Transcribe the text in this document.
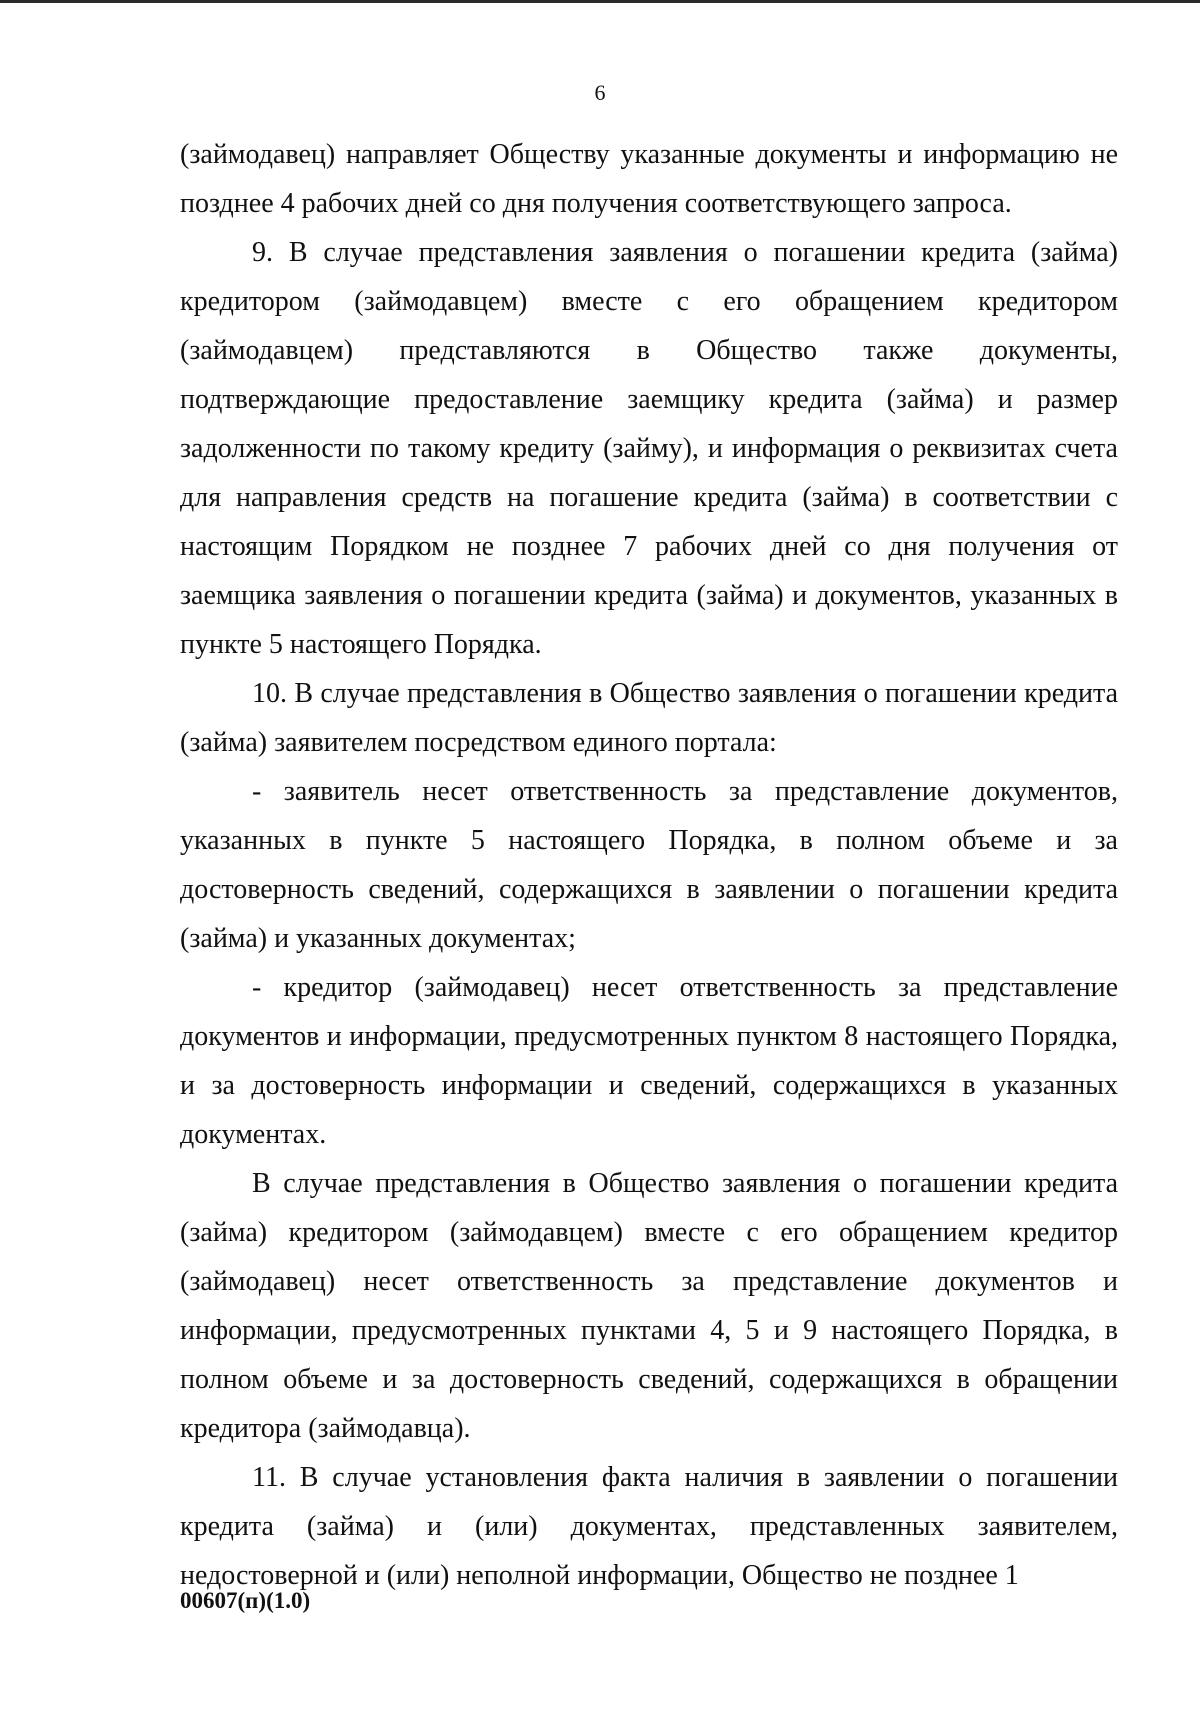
6

(займодавец) направляет Обществу указанные документы и информацию не позднее 4 рабочих дней со дня получения соответствующего запроса.

9. В случае представления заявления о погашении кредита (займа) кредитором (займодавцем) вместе с его обращением кредитором (займодавцем) представляются в Общество также документы, подтверждающие предоставление заемщику кредита (займа) и размер задолженности по такому кредиту (займу), и информация о реквизитах счета для направления средств на погашение кредита (займа) в соответствии с настоящим Порядком не позднее 7 рабочих дней со дня получения от заемщика заявления о погашении кредита (займа) и документов, указанных в пункте 5 настоящего Порядка.

10. В случае представления в Общество заявления о погашении кредита (займа) заявителем посредством единого портала:

- заявитель несет ответственность за представление документов, указанных в пункте 5 настоящего Порядка, в полном объеме и за достоверность сведений, содержащихся в заявлении о погашении кредита (займа) и указанных документах;

- кредитор (займодавец) несет ответственность за представление документов и информации, предусмотренных пунктом 8 настоящего Порядка, и за достоверность информации и сведений, содержащихся в указанных документах.

В случае представления в Общество заявления о погашении кредита (займа) кредитором (займодавцем) вместе с его обращением кредитор (займодавец) несет ответственность за представление документов и информации, предусмотренных пунктами 4, 5 и 9 настоящего Порядка, в полном объеме и за достоверность сведений, содержащихся в обращении кредитора (займодавца).

11. В случае установления факта наличия в заявлении о погашении кредита (займа) и (или) документах, представленных заявителем, недостоверной и (или) неполной информации, Общество не позднее 1

00607(п)(1.0)
